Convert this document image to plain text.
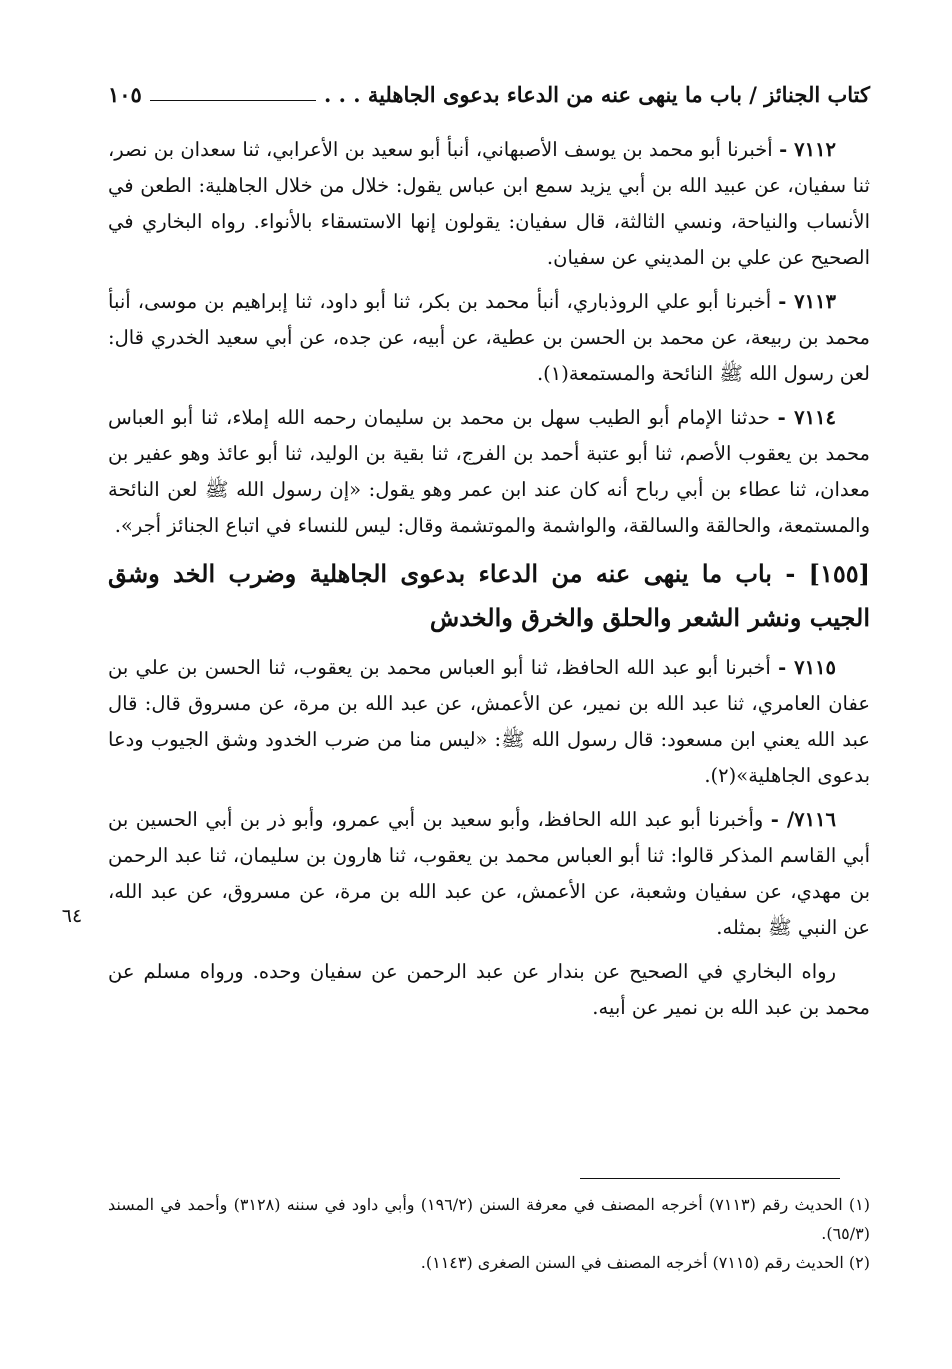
كتاب الجنائز / باب ما ينهى عنه من الدعاء بدعوى الجاهلية . . .
١٠٥

٧١١٢ - أخبرنا أبو محمد بن يوسف الأصبهاني، أنبأ أبو سعيد بن الأعرابي، ثنا سعدان بن نصر، ثنا سفيان، عن عبيد الله بن أبي يزيد سمع ابن عباس يقول: خلال من خلال الجاهلية: الطعن في الأنساب والنياحة، ونسي الثالثة، قال سفيان: يقولون إنها الاستسقاء بالأنواء. رواه البخاري في الصحيح عن علي بن المديني عن سفيان.

٧١١٣ - أخبرنا أبو علي الروذباري، أنبأ محمد بن بكر، ثنا أبو داود، ثنا إبراهيم بن موسى، أنبأ محمد بن ربيعة، عن محمد بن الحسن بن عطية، عن أبيه، عن جده، عن أبي سعيد الخدري قال: لعن رسول الله ﷺ النائحة والمستمعة(١).

٧١١٤ - حدثنا الإمام أبو الطيب سهل بن محمد بن سليمان رحمه الله إملاء، ثنا أبو العباس محمد بن يعقوب الأصم، ثنا أبو عتبة أحمد بن الفرج، ثنا بقية بن الوليد، ثنا أبو عائذ وهو عفير بن معدان، ثنا عطاء بن أبي رباح أنه كان عند ابن عمر وهو يقول: «إن رسول الله ﷺ لعن النائحة والمستمعة، والحالقة والسالقة، والواشمة والموتشمة وقال: ليس للنساء في اتباع الجنائز أجر».

[١٥٥] - باب ما ينهى عنه من الدعاء بدعوى الجاهلية وضرب الخد وشق الجيب ونشر الشعر والحلق والخرق والخدش

٧١١٥ - أخبرنا أبو عبد الله الحافظ، ثنا أبو العباس محمد بن يعقوب، ثنا الحسن بن علي بن عفان العامري، ثنا عبد الله بن نمير، عن الأعمش، عن عبد الله بن مرة، عن مسروق قال: قال عبد الله يعني ابن مسعود: قال رسول الله ﷺ: «ليس منا من ضرب الخدود وشق الجيوب ودعا بدعوى الجاهلية»(٢).

٧١١٦/ - وأخبرنا أبو عبد الله الحافظ، وأبو سعيد بن أبي عمرو، وأبو ذر بن أبي الحسين بن أبي القاسم المذكر قالوا: ثنا أبو العباس محمد بن يعقوب، ثنا هارون بن سليمان، ثنا عبد الرحمن بن مهدي، عن سفيان وشعبة، عن الأعمش، عن عبد الله بن مرة، عن مسروق، عن عبد الله، عن النبي ﷺ بمثله.

رواه البخاري في الصحيح عن بندار عن عبد الرحمن عن سفيان وحده. ورواه مسلم عن محمد بن عبد الله بن نمير عن أبيه.

٦٤

(١) الحديث رقم (٧١١٣) أخرجه المصنف في معرفة السنن (١٩٦/٢) وأبي داود في سننه (٣١٢٨) وأحمد في المسند (٦٥/٣).

(٢) الحديث رقم (٧١١٥) أخرجه المصنف في السنن الصغرى (١١٤٣).
